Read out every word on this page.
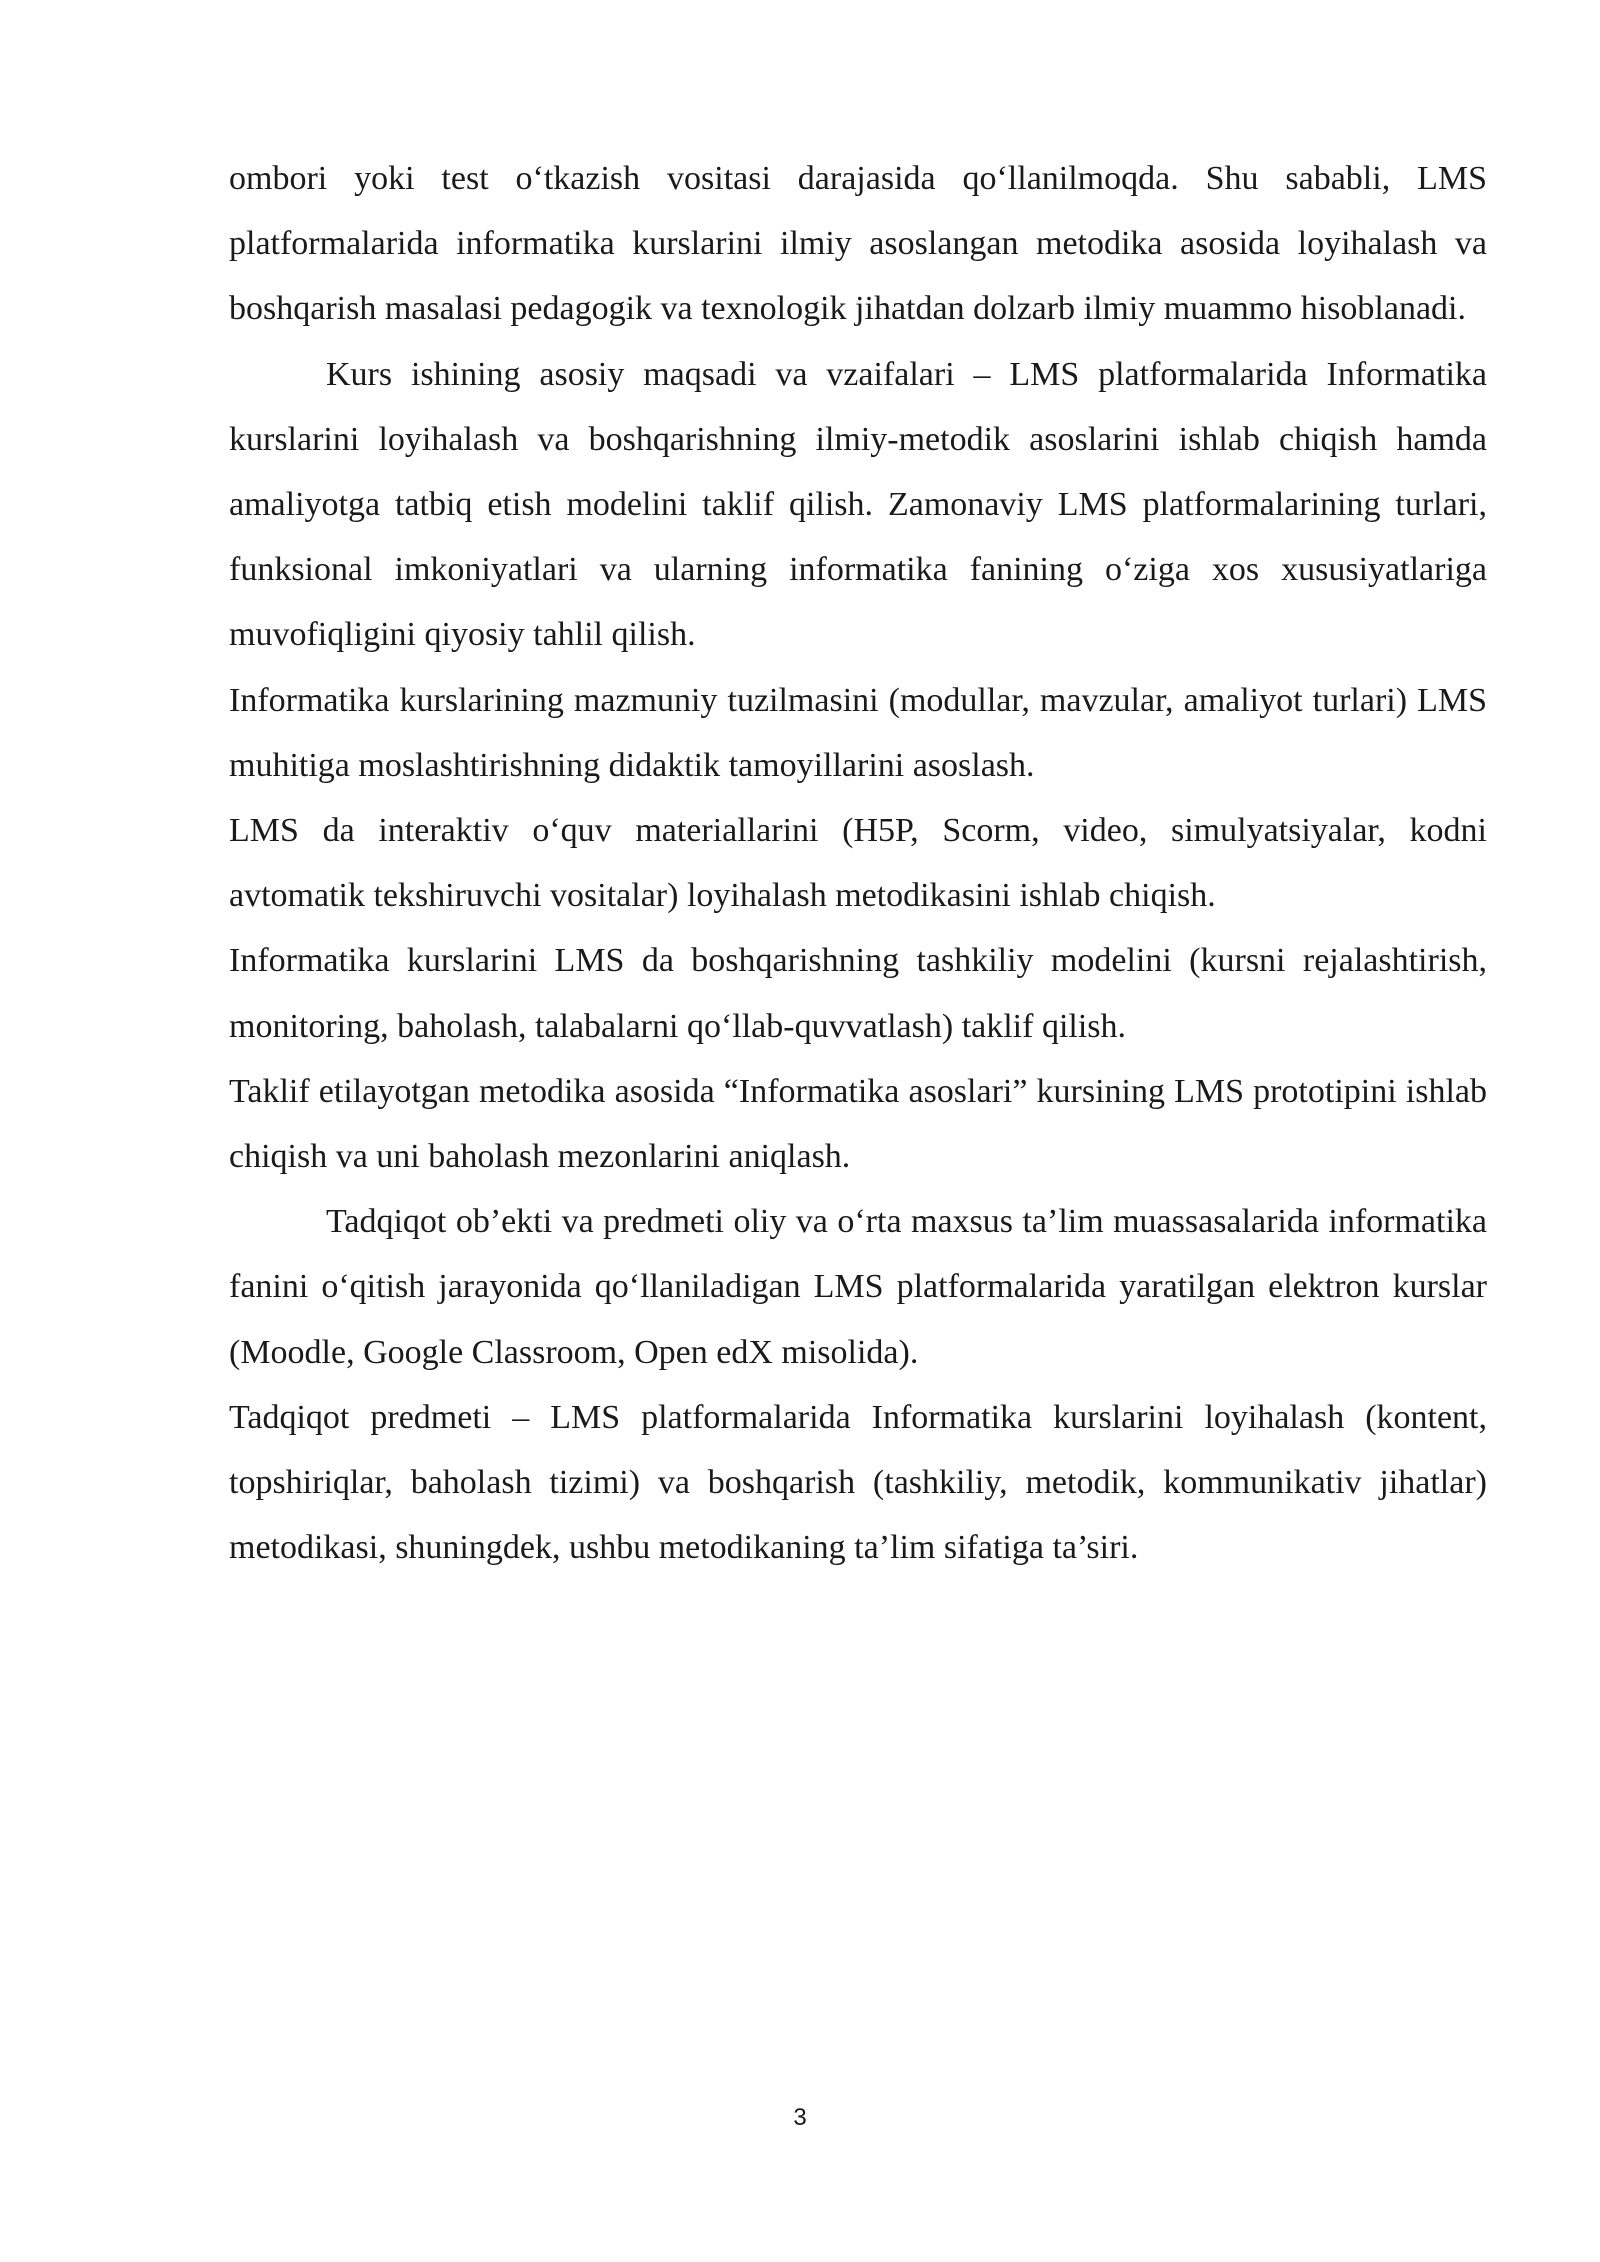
ombori yoki test o‘tkazish vositasi darajasida qo‘llanilmoqda. Shu sababli, LMS platformalarida informatika kurslarini ilmiy asoslangan metodika asosida loyihalash va boshqarish masalasi pedagogik va texnologik jihatdan dolzarb ilmiy muammo hisoblanadi.

Kurs ishining asosiy maqsadi va vzaifalari – LMS platformalarida Informatika kurslarini loyihalash va boshqarishning ilmiy-metodik asoslarini ishlab chiqish hamda amaliyotga tatbiq etish modelini taklif qilish. Zamonaviy LMS platformalarining turlari, funksional imkoniyatlari va ularning informatika fanining o‘ziga xos xususiyatlariga muvofiqligini qiyosiy tahlil qilish.

Informatika kurslarining mazmuniy tuzilmasini (modullar, mavzular, amaliyot turlari) LMS muhitiga moslashtirishning didaktik tamoyillarini asoslash.

LMS da interaktiv o‘quv materiallarini (H5P, Scorm, video, simulyatsiyalar, kodni avtomatik tekshiruvchi vositalar) loyihalash metodikasini ishlab chiqish.

Informatika kurslarini LMS da boshqarishning tashkiliy modelini (kursni rejalashtirish, monitoring, baholash, talabalarni qo‘llab-quvvatlash) taklif qilish.

Taklif etilayotgan metodika asosida “Informatika asoslari” kursining LMS prototipini ishlab chiqish va uni baholash mezonlarini aniqlash.

Tadqiqot ob’ekti va predmeti oliy va o‘rta maxsus ta’lim muassasalarida informatika fanini o‘qitish jarayonida qo‘llaniladigan LMS platformalarida yaratilgan elektron kurslar (Moodle, Google Classroom, Open edX misolida).

Tadqiqot predmeti – LMS platformalarida Informatika kurslarini loyihalash (kontent, topshiriqlar, baholash tizimi) va boshqarish (tashkiliy, metodik, kommunikativ jihatlar) metodikasi, shuningdek, ushbu metodikaning ta’lim sifatiga ta’siri.

3
